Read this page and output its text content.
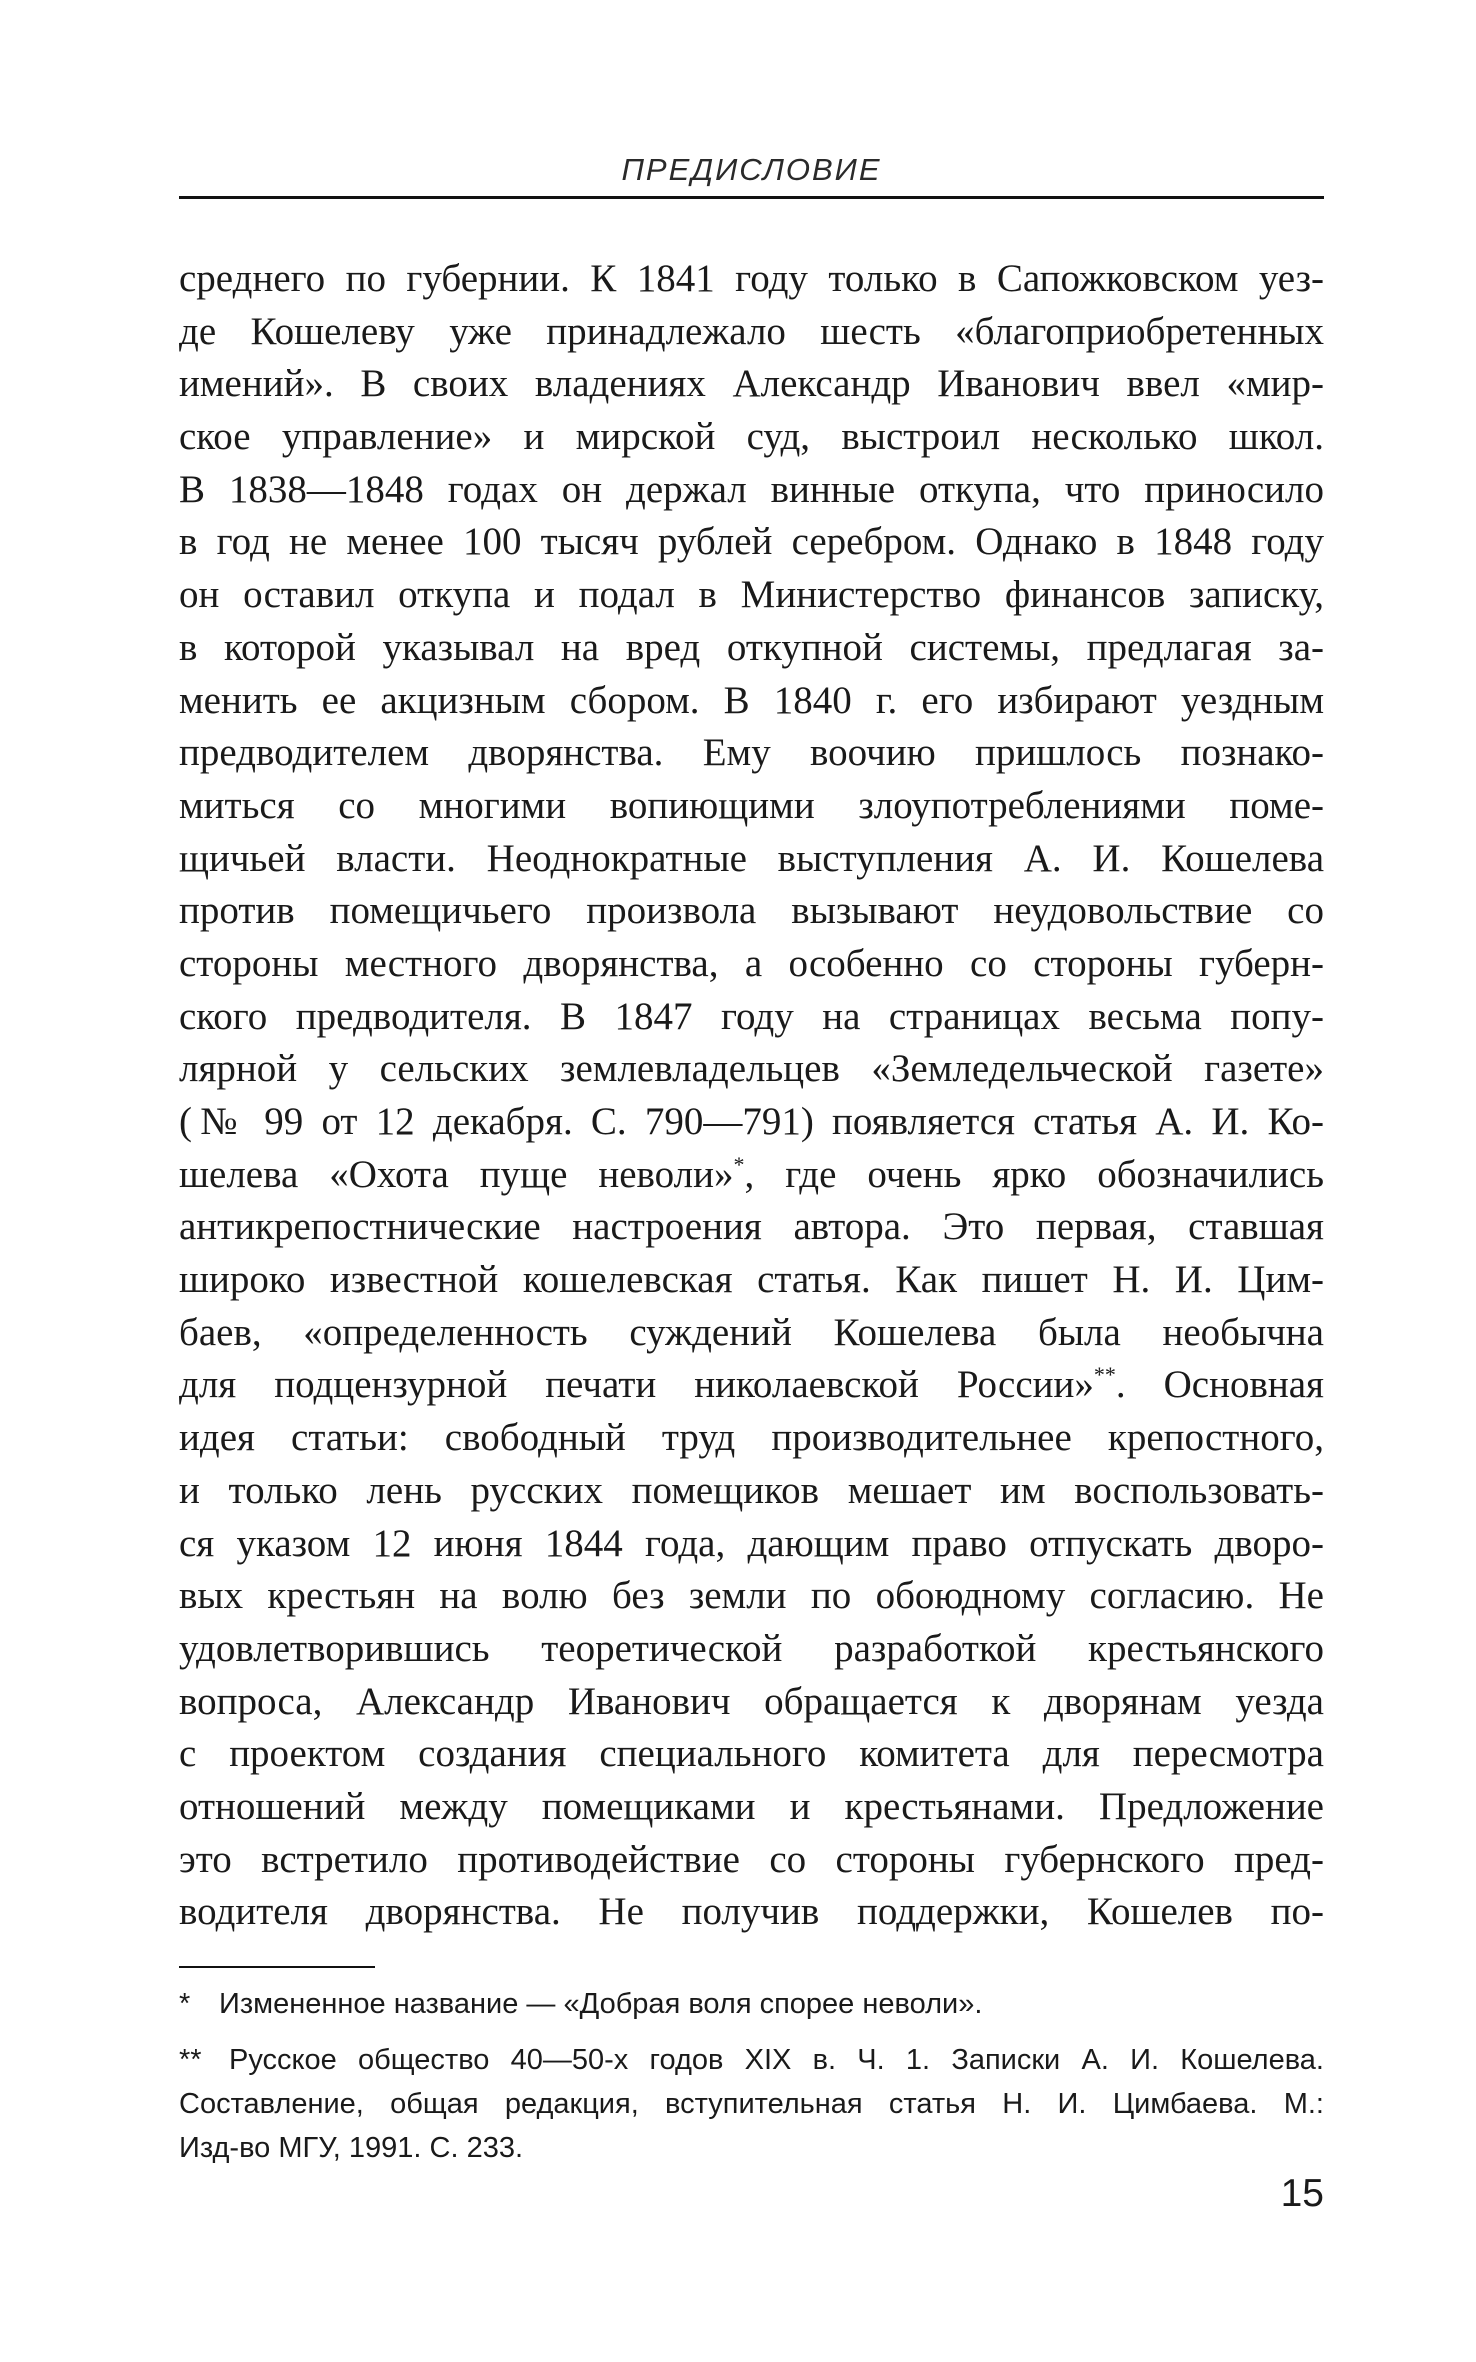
ПРЕДИСЛОВИЕ
среднего по губернии. К 1841 году только в Сапожковском уез-
де Кошелеву уже принадлежало шесть «благоприобретенных
имений». В своих владениях Александр Иванович ввел «мир-
ское управление» и мирской суд, выстроил несколько школ.
В 1838—1848 годах он держал винные откупа, что приносило
в год не менее 100 тысяч рублей серебром. Однако в 1848 году
он оставил откупа и подал в Министерство финансов записку,
в которой указывал на вред откупной системы, предлагая за-
менить ее акцизным сбором. В 1840 г. его избирают уездным
предводителем дворянства. Ему воочию пришлось познако-
миться со многими вопиющими злоупотреблениями поме-
щичьей власти. Неоднократные выступления А. И. Кошелева
против помещичьего произвола вызывают неудовольствие со
стороны местного дворянства, а особенно со стороны губерн-
ского предводителя. В 1847 году на страницах весьма попу-
лярной у сельских землевладельцев «Земледельческой газете»
(№ 99 от 12 декабря. С. 790—791) появляется статья А. И. Ко-
шелева «Охота пуще неволи»*, где очень ярко обозначились
антикрепостнические настроения автора. Это первая, ставшая
широко известной кошелевская статья. Как пишет Н. И. Цим-
баев, «определенность суждений Кошелева была необычна
для подцензурной печати николаевской России»**. Основная
идея статьи: свободный труд производительнее крепостного,
и только лень русских помещиков мешает им воспользовать-
ся указом 12 июня 1844 года, дающим право отпускать дворо-
вых крестьян на волю без земли по обоюдному согласию. Не
удовлетворившись теоретической разработкой крестьянского
вопроса, Александр Иванович обращается к дворянам уезда
с проектом создания специального комитета для пересмотра
отношений между помещиками и крестьянами. Предложение
это встретило противодействие со стороны губернского пред-
водителя дворянства. Не получив поддержки, Кошелев по-
* Измененное название — «Добрая воля спорее неволи».
** Русское общество 40—50-х годов XIX в. Ч. 1. Записки А. И. Кошелева.
Составление, общая редакция, вступительная статья Н. И. Цимбаева. М.:
Изд-во МГУ, 1991. С. 233.
15
